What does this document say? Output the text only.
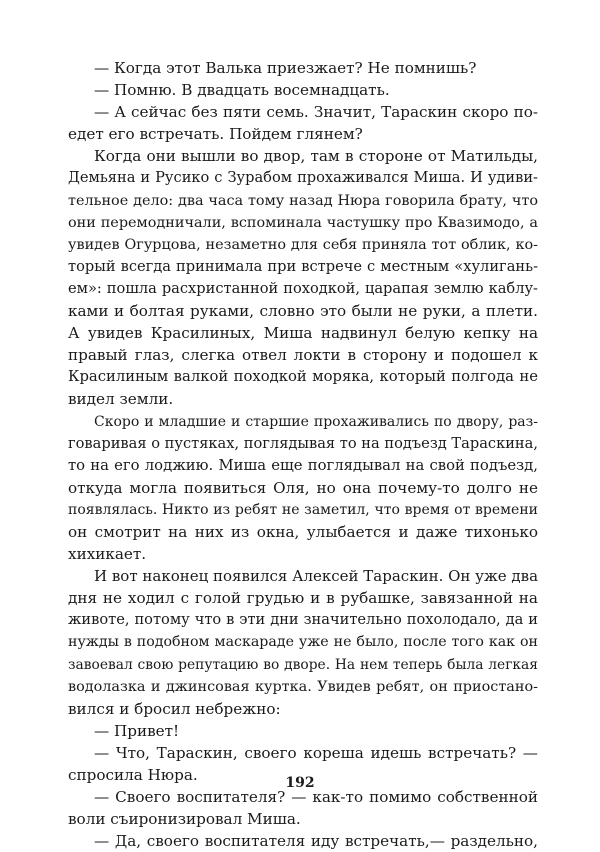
— Когда этот Валька приезжает? Не помнишь?
— Помню. В двадцать восемнадцать.
— А сейчас без пяти семь. Значит, Тараскин скоро по-
едет его встречать. Пойдем глянем?
Когда они вышли во двор, там в стороне от Матильды,
Демьяна и Русико с Зурабом прохаживался Миша. И удиви-
тельное дело: два часа тому назад Нюра говорила брату, что
они перемодничали, вспоминала частушку про Квазимодо, а
увидев Огурцова, незаметно для себя приняла тот облик, ко-
торый всегда принимала при встрече с местным «хулигань-
ем»: пошла расхристанной походкой, царапая землю каблу-
ками и болтая руками, словно это были не руки, а плети.
А увидев Красилиных, Миша надвинул белую кепку на
правый глаз, слегка отвел локти в сторону и подошел к
Красилиным валкой походкой моряка, который полгода не
видел земли.
Скоро и младшие и старшие прохаживались по двору, раз-
говаривая о пустяках, поглядывая то на подъезд Тараскина,
то на его лоджию. Миша еще поглядывал на свой подъезд,
откуда могла появиться Оля, но она почему-то долго не
появлялась. Никто из ребят не заметил, что время от времени
он смотрит на них из окна, улыбается и даже тихонько
хихикает.
И вот наконец появился Алексей Тараскин. Он уже два
дня не ходил с голой грудью и в рубашке, завязанной на
животе, потому что в эти дни значительно похолодало, да и
нужды в подобном маскараде уже не было, после того как он
завоевал свою репутацию во дворе. На нем теперь была легкая
водолазка и джинсовая куртка. Увидев ребят, он приостано-
вился и бросил небрежно:
— Привет!
— Что, Тараскин, своего кореша идешь встречать? —
спросила Нюра.
— Своего воспитателя? — как-то помимо собственной
воли съиронизировал Миша.
— Да, своего воспитателя иду встречать,— раздельно,
192
